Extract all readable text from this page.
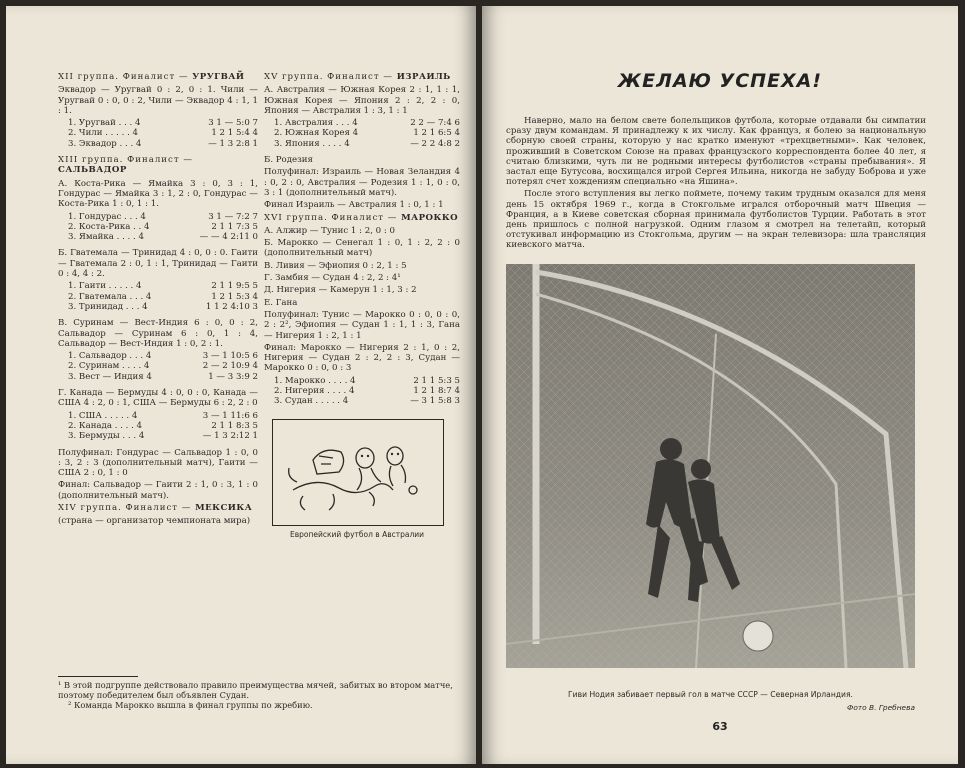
XII группа. Финалист — УРУГВАЙ

Эквадор — Уругвай 0 : 2, 0 : 1. Чили — Уругвай 0 : 0, 0 : 2, Чили — Эквадор 4 : 1, 1 : 1.

1. Уругвай . . . 4	3 1 — 5:0 7
2. Чили . . . . . 4	1 2 1 5:4 4
3. Эквадор . . . 4	— 1 3 2:8 1
XIII группа. Финалист — САЛЬВАДОР

А. Коста-Рика — Ямайка 3 : 0, 3 : 1, Гондурас — Ямайка 3 : 1, 2 : 0, Гондурас — Коста-Рика 1 : 0, 1 : 1.

1. Гондурас . . . 4	3 1 — 7:2 7
2. Коста-Рика . . 4	2 1 1 7:3 5
3. Ямайка . . . . 4	— — 4 2:11 0

Б. Гватемала — Тринидад 4 : 0, 0 : 0. Гаити — Гватемала 2 : 0, 1 : 1, Тринидад — Гаити 0 : 4, 4 : 2.

1. Гаити . . . . . 4	2 1 1 9:5 5
2. Гватемала . . . 4	1 2 1 5:3 4
3. Тринидад . . . 4	1 1 2 4:10 3

В. Суринам — Вест-Индия 6 : 0, 0 : 2, Сальвадор — Суринам 6 : 0, 1 : 4, Сальвадор — Вест-Индия 1 : 0, 2 : 1.

1. Сальвадор . . . 4	3 — 1 10:5 6
2. Суринам . . . . 4	2 — 2 10:9 4
3. Вест — Индия 4	1 — 3 3:9 2

Г. Канада — Бермуды 4 : 0, 0 : 0, Канада — США 4 : 2, 0 : 1, США — Бермуды 6 : 2, 2 : 0

1. США . . . . . 4	3 — 1 11:6 6
2. Канада . . . . 4	2 1 1 8:3 5
3. Бермуды . . . 4	— 1 3 2:12 1

Полуфинал: Гондурас — Сальвадор 1 : 0, 0 : 3, 2 : 3 (дополнительный матч), Гаити — США 2 : 0, 1 : 0

Финал: Сальвадор — Гаити 2 : 1, 0 : 3, 1 : 0 (дополнительный матч).

XIV группа. Финалист — МЕКСИКА

(страна — организатор чемпионата мира)

XV группа. Финалист — ИЗРАИЛЬ

А. Австралия — Южная Корея 2 : 1, 1 : 1, Южная Корея — Япония 2 : 2, 2 : 0, Япония — Австралия 1 : 3, 1 : 1

1. Австралия . . . 4	2 2 — 7:4 6
2. Южная Корея 4	1 2 1 6:5 4
3. Япония . . . . 4	— 2 2 4:8 2

Б. Родезия

Полуфинал: Израиль — Новая Зеландия 4 : 0, 2 : 0, Австралия — Родезия 1 : 1, 0 : 0, 3 : 1 (дополнительный матч).

Финал Израиль — Австралия 1 : 0, 1 : 1

XVI группа. Финалист — МАРОККО

А. Алжир — Тунис 1 : 2, 0 : 0

Б. Марокко — Сенегал 1 : 0, 1 : 2, 2 : 0 (дополнительный матч)

В. Ливия — Эфиопия 0 : 2, 1 : 5

Г. Замбия — Судан 4 : 2, 2 : 4¹

Д. Нигерия — Камерун 1 : 1, 3 : 2

Е. Гана

Полуфинал: Тунис — Марокко 0 : 0, 0 : 0, 2 : 2², Эфиопия — Судан 1 : 1, 1 : 3, Гана — Нигерия 1 : 2, 1 : 1

Финал: Марокко — Нигерия 2 : 1, 0 : 2, Нигерия — Судан 2 : 2, 2 : 3, Судан — Марокко 0 : 0, 0 : 3

1. Марокко . . . . 4	2 1 1 5:3 5
2. Нигерия . . . . 4	1 2 1 8:7 4
3. Судан . . . . . 4	— 3 1 5:8 3
Европейский футбол в Австралии
¹ В этой подгруппе действовало правило преимущества мячей, забитых во втором матче, поэтому победителем был объявлен Судан.
² Команда Марокко вышла в финал группы по жребию.
ЖЕЛАЮ УСПЕХА!

Наверно, мало на белом свете болельщиков футбола, которые отдавали бы симпатии сразу двум командам. Я принадлежу к их числу. Как француз, я болею за национальную сборную своей страны, которую у нас кратко именуют «трехцветными». Как человек, проживший в Советском Союзе на правах французского корреспондента более 40 лет, я считаю близкими, чуть ли не родными интересы футболистов «страны пребывания». Я застал еще Бутусова, восхищался игрой Сергея Ильина, никогда не забуду Боброва и уже потерял счет хождениям специально «на Яшина».

После этого вступления вы легко поймете, почему таким трудным оказался для меня день 15 октября 1969 г., когда в Стокгольме игрался отборочный матч Швеция — Франция, а в Киеве советская сборная принимала футболистов Турции. Работать в этот день пришлось с полной нагрузкой. Одним глазом я смотрел на телетайп, который отстукивал информацию из Стокгольма, другим — на экран телевизора: шла трансляция киевского матча.

Гиви Нодия забивает первый гол в матче СССР — Северная Ирландия.
Фото В. Гребнева
63
